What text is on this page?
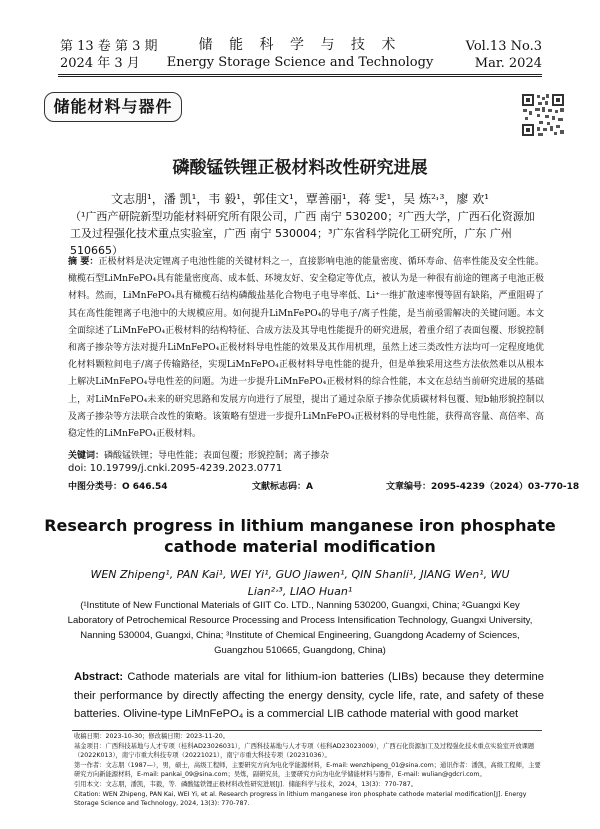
第 13 卷 第 3 期
2024 年 3 月
储 能 科 学 与 技 术
Energy Storage Science and Technology
Vol.13 No.3
Mar. 2024
储能材料与器件
磷酸锰铁锂正极材料改性研究进展
文志朋¹，潘 凯¹，韦 毅¹，郭佳文¹，覃善丽¹，蒋 雯¹，吴 炼²˒³，廖 欢¹
（¹广西产研院新型功能材料研究所有限公司，广西 南宁 530200；²广西大学，广西石化资源加工及过程强化技术重点实验室，广西 南宁 530004；³广东省科学院化工研究所，广东 广州 510665）
摘 要：正极材料是决定锂离子电池性能的关键材料之一，直接影响电池的能量密度、循环寿命、倍率性能及安全性能。橄榄石型LiMnFePO₄具有能量密度高、成本低、环境友好、安全稳定等优点，被认为是一种很有前途的锂离子电池正极材料。然而，LiMnFePO₄具有橄榄石结构磷酸盐基化合物电子电导率低、Li⁺一维扩散速率慢等固有缺陷，严重阻碍了其在高性能锂离子电池中的大规模应用。如何提升LiMnFePO₄的导电子/离子性能，是当前亟需解决的关键问题。本文全面综述了LiMnFePO₄正极材料的结构特征、合成方法及其导电性能提升的研究进展，着重介绍了表面包覆、形貌控制和离子掺杂等方法对提升LiMnFePO₄正极材料导电性能的效果及其作用机理，虽然上述三类改性方法均可一定程度地优化材料颗粒间电子/离子传输路径，实现LiMnFePO₄正极材料导电性能的提升，但是单独采用这些方法依然难以从根本上解决LiMnFePO₄导电性差的问题。为进一步提升LiMnFePO₄正极材料的综合性能，本文在总结当前研究进展的基础上，对LiMnFePO₄未来的研究思路和发展方向进行了展望，提出了通过杂原子掺杂优质碳材料包覆、短b轴形貌控制以及离子掺杂等方法联合改性的策略。该策略有望进一步提升LiMnFePO₄正极材料的导电性能，获得高容量、高倍率、高稳定性的LiMnFePO₄正极材料。
关键词：磷酸锰铁锂；导电性能；表面包覆；形貌控制；离子掺杂
doi: 10.19799/j.cnki.2095-4239.2023.0771
中图分类号：O 646.54	文献标志码：A	文章编号：2095-4239（2024）03-770-18
Research progress in lithium manganese iron phosphate
cathode material modification
WEN Zhipeng¹, PAN Kai¹, WEI Yi¹, GUO Jiawen¹, QIN Shanli¹, JIANG Wen¹, WU Lian²˒³, LIAO Huan¹
(¹Institute of New Functional Materials of GIIT Co. LTD., Nanning 530200, Guangxi, China; ²Guangxi Key Laboratory of Petrochemical Resource Processing and Process Intensification Technology, Guangxi University, Nanning 530004, Guangxi, China; ³Institute of Chemical Engineering, Guangdong Academy of Sciences, Guangzhou 510665, Guangdong, China)
Abstract: Cathode materials are vital for lithium-ion batteries (LIBs) because they determine their performance by directly affecting the energy density, cycle life, rate, and safety of these batteries. Olivine-type LiMnFePO₄ is a commercial LIB cathode material with good market
收稿日期：2023-10-30；修改稿日期：2023-11-20。
基金项目：广西科技基地与人才专项（桂科AD23026031），广西科技基地与人才专项（桂科AD23023009），广西石化资源加工及过程强化技术重点实验室开放课题（2022K013），南宁市重大科技专项（20221021），南宁市重大科技专项（20231036）。
第一作者：文志朋（1987—），男，硕士，高级工程师，主要研究方向为电化学能源材料，E-mail: wenzhipeng_01@sina.com；通讯作者：潘凯，高级工程师，主要研究方向新能源材料，E-mail: pankai_09@sina.com；吴炼，副研究员，主要研究方向为电化学储能材料与器件，E-mail: wulian@gdcri.com。
引用本文：文志朋，潘凯，韦毅，等．磷酸锰铁锂正极材料改性研究进展[J]．储能科学与技术，2024，13(3)：770-787。
Citation: WEN Zhipeng, PAN Kai, WEI Yi, et al. Research progress in lithium manganese iron phosphate cathode material modification[J]. Energy Storage Science and Technology, 2024, 13(3): 770-787.
